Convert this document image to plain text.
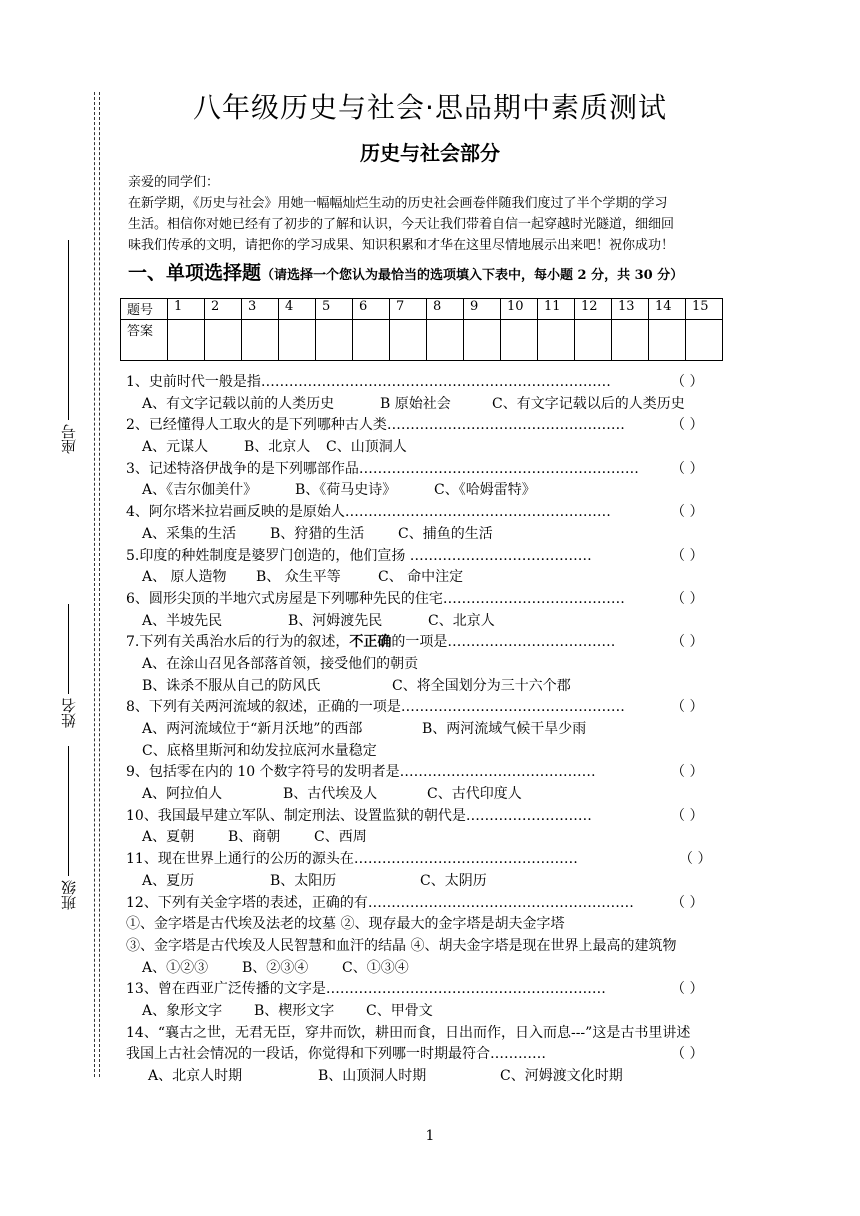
座号
姓名
班级
八年级历史与社会·思品期中素质测试
历史与社会部分

亲爱的同学们：

在新学期，《历史与社会》用她一幅幅灿烂生动的历史社会画卷伴随我们度过了半个学期的学习

生活。相信你对她已经有了初步的了解和认识，今天让我们带着自信一起穿越时光隧道，细细回

味我们传承的文明，请把你的学习成果、知识积累和才华在这里尽情地展示出来吧！祝你成功！

一、单项选择题（请选择一个您认为最恰当的选项填入下表中，每小题 2 分，共 30 分）
题号	1	2	3	4	5	6	7	8	9	10	11	12	13	14	15
答案															
1、史前时代一般是指…………………………………………………………………	（ ）
A、有文字记载以前的人类历史	B 原始社会	C、有文字记载以后的人类历史
2、已经懂得人工取火的是下列哪种古人类……………………………………………	（ ）
A、元谋人	B、北京人 C、山顶洞人
3、记述特洛伊战争的是下列哪部作品…………………………………………………… （ ）
A、《吉尔伽美什》	B、《荷马史诗》	C、《哈姆雷特》
4、阿尔塔米拉岩画反映的是原始人…………………………………………………	（ ）
A、采集的生活 B、狩猎的生活 C、捕鱼的生活
5.印度的种姓制度是婆罗门创造的，他们宣扬 …………………………………	（ ）
A、 原人造物 B、 众生平等	C、 命中注定
6、圆形尖顶的半地穴式房屋是下列哪种先民的住宅…………………………………	（ ）
A、半坡先民	B、河姆渡先民	C、北京人
7.下列有关禹治水后的行为的叙述，不正确的一项是………………………………	（ ）
A、在涂山召见各部落首领，接受他们的朝贡
B、诛杀不服从自己的防风氏	C、将全国划分为三十六个郡
8、下列有关两河流域的叙述，正确的一项是…………………………………………	（ ）
A、两河流域位于“新月沃地”的西部	B、两河流域气候干旱少雨
C、底格里斯河和幼发拉底河水量稳定
9、包括零在内的 10 个数字符号的发明者是……………………………………	（ ）
A、阿拉伯人	B、古代埃及人	C、古代印度人
10、我国最早建立军队、制定刑法、设置监狱的朝代是………………………	（ ）
A、夏朝 B、商朝 C、西周
11、现在世界上通行的公历的源头在…………………………………………	（ ）
A、夏历	B、太阳历	C、太阴历
12、下列有关金字塔的表述，正确的有…………………………………………………	（ ）
①、金字塔是古代埃及法老的坟墓 ②、现存最大的金字塔是胡夫金字塔
③、金字塔是古代埃及人民智慧和血汗的结晶 ④、胡夫金字塔是现在世界上最高的建筑物
A、①②③ B、②③④ C、①③④
13、曾在西亚广泛传播的文字是……………………………………………………	（ ）
A、象形文字 B、楔形文字 C、甲骨文
14、“襄古之世，无君无臣，穿井而饮，耕田而食，日出而作，日入而息---”这是古书里讲述
我国上古社会情况的一段话，你觉得和下列哪一时期最符合…………	（ ）
A、北京人时期	B、山顶洞人时期	C、河姆渡文化时期
1
